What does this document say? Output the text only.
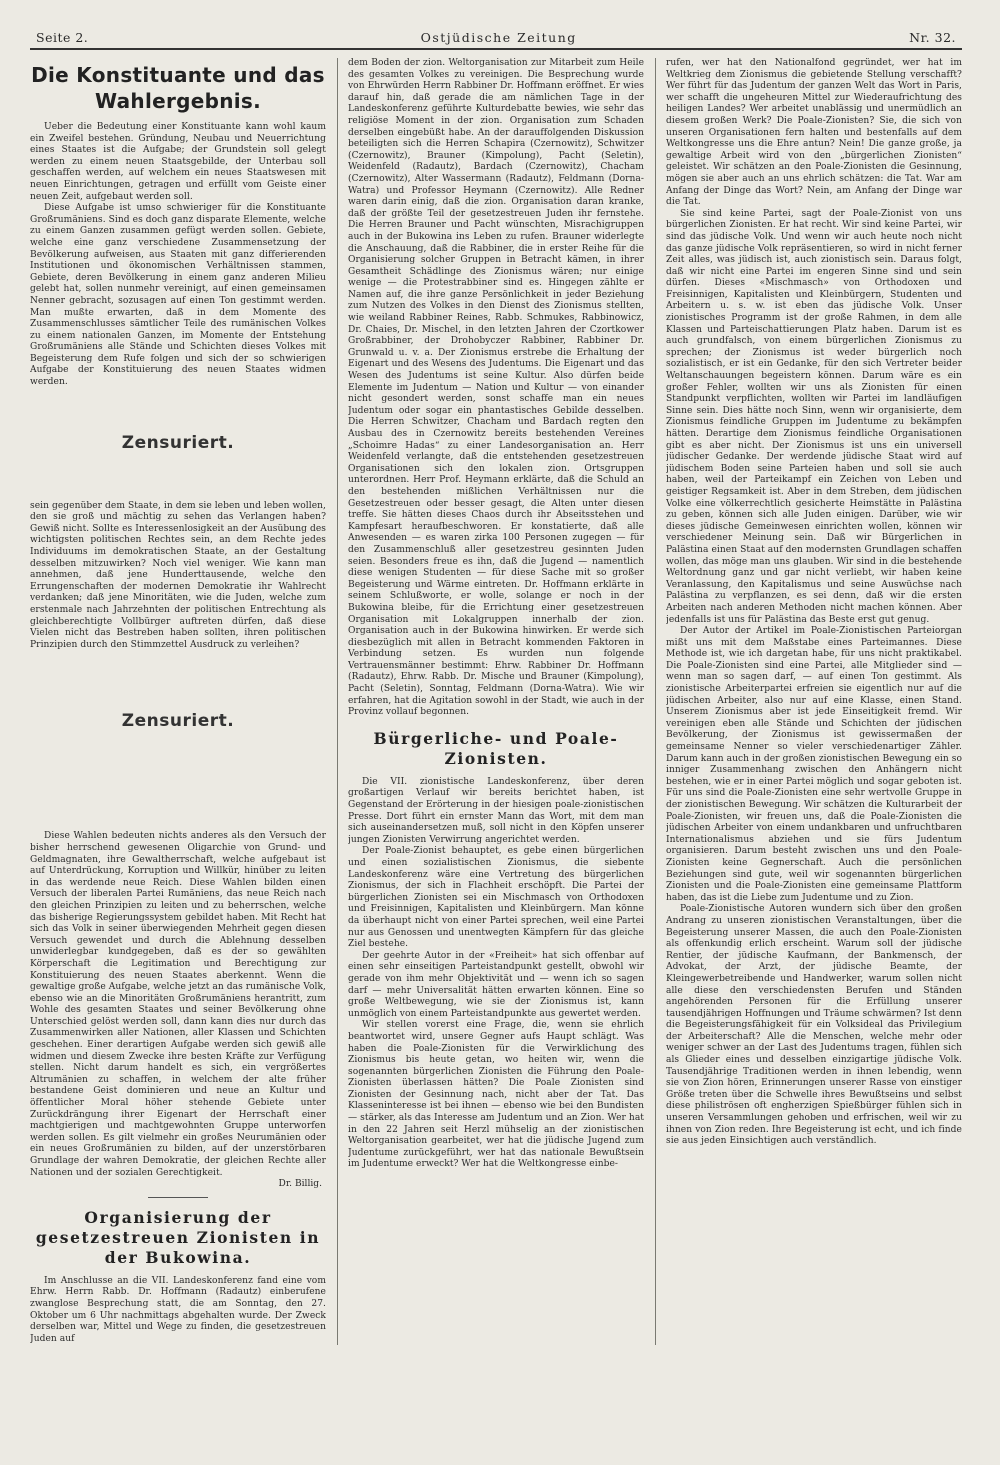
Seite 2.	Ostjüdische Zeitung	Nr. 32.
Die Konstituante und das Wahlergebnis.

Ueber die Bedeutung einer Konstituante kann wohl kaum ein Zweifel bestehen. Gründung, Neubau und Neuerrichtung eines Staates ist die Aufgabe; der Grundstein soll gelegt werden zu einem neuen Staatsgebilde, der Unterbau soll geschaffen werden, auf welchem ein neues Staatswesen mit neuen Einrichtungen, getragen und erfüllt vom Geiste einer neuen Zeit, aufgebaut werden soll.

Diese Aufgabe ist umso schwieriger für die Konstituante Großrumäniens. Sind es doch ganz disparate Elemente, welche zu einem Ganzen zusammen gefügt werden sollen. Gebiete, welche eine ganz verschiedene Zusammensetzung der Bevölkerung aufweisen, aus Staaten mit ganz differierenden Institutionen und ökonomischen Verhältnissen stammen, Gebiete, deren Bevölkerung in einem ganz anderen Milieu gelebt hat, sollen nunmehr vereinigt, auf einen gemeinsamen Nenner gebracht, sozusagen auf einen Ton gestimmt werden. Man mußte erwarten, daß in dem Momente des Zusammenschlusses sämtlicher Teile des rumänischen Volkes zu einem nationalen Ganzen, im Momente der Entstehung Großrumäniens alle Stände und Schichten dieses Volkes mit Begeisterung dem Rufe folgen und sich der so schwierigen Aufgabe der Konstituierung des neuen Staates widmen werden.

Zensuriert.

sein gegenüber dem Staate, in dem sie leben und leben wollen, den sie groß und mächtig zu sehen das Verlangen haben? Gewiß nicht. Sollte es Interessenlosigkeit an der Ausübung des wichtigsten politischen Rechtes sein, an dem Rechte jedes Individuums im demokratischen Staate, an der Gestaltung desselben mitzuwirken? Noch viel weniger. Wie kann man annehmen, daß jene Hunderttausende, welche den Errungenschaften der modernen Demokratie ihr Wahlrecht verdanken; daß jene Minoritäten, wie die Juden, welche zum erstenmale nach Jahrzehnten der politischen Entrechtung als gleichberechtigte Vollbürger auftreten dürfen, daß diese Vielen nicht das Bestreben haben sollten, ihren politischen Prinzipien durch den Stimmzettel Ausdruck zu verleihen?

Zensuriert.

Diese Wahlen bedeuten nichts anderes als den Versuch der bisher herrschend gewesenen Oligarchie von Grund- und Geldmagnaten, ihre Gewaltherrschaft, welche aufgebaut ist auf Unterdrückung, Korruption und Willkür, hinüber zu leiten in das werdende neue Reich. Diese Wahlen bilden einen Versuch der liberalen Partei Rumäniens, das neue Reich nach den gleichen Prinzipien zu leiten und zu beherrschen, welche das bisherige Regierungssystem gebildet haben. Mit Recht hat sich das Volk in seiner überwiegenden Mehrheit gegen diesen Versuch gewendet und durch die Ablehnung desselben unwiderlegbar kundgegeben, daß es der so gewählten Körperschaft die Legitimation und Berechtigung zur Konstituierung des neuen Staates aberkennt. Wenn die gewaltige große Aufgabe, welche jetzt an das rumänische Volk, ebenso wie an die Minoritäten Großrumäniens herantritt, zum Wohle des gesamten Staates und seiner Bevölkerung ohne Unterschied gelöst werden soll, dann kann dies nur durch das Zusammenwirken aller Nationen, aller Klassen und Schichten geschehen. Einer derartigen Aufgabe werden sich gewiß alle widmen und diesem Zwecke ihre besten Kräfte zur Verfügung stellen. Nicht darum handelt es sich, ein vergrößertes Altrumänien zu schaffen, in welchem der alte früher bestandene Geist dominieren und neue an Kultur und öffentlicher Moral höher stehende Gebiete unter Zurückdrängung ihrer Eigenart der Herrschaft einer machtgierigen und machtgewohnten Gruppe unterworfen werden sollen. Es gilt vielmehr ein großes Neurumänien oder ein neues Großrumänien zu bilden, auf der unzerstörbaren Grundlage der wahren Demokratie, der gleichen Rechte aller Nationen und der sozialen Gerechtigkeit.

Dr. Billig.
Organisierung der gesetzestreuen Zionisten in der Bukowina.

Im Anschlusse an die VII. Landeskonferenz fand eine vom Ehrw. Herrn Rabb. Dr. Hoffmann (Radautz) einberufene zwanglose Besprechung statt, die am Sonntag, den 27. Oktober um 6 Uhr nachmittags abgehalten wurde. Der Zweck derselben war, Mittel und Wege zu finden, die gesetzestreuen Juden auf

dem Boden der zion. Weltorganisation zur Mitarbeit zum Heile des gesamten Volkes zu vereinigen. Die Besprechung wurde von Ehrwürden Herrn Rabbiner Dr. Hoffmann eröffnet. Er wies darauf hin, daß gerade die am nämlichen Tage in der Landeskonferenz geführte Kulturdebatte bewies, wie sehr das religiöse Moment in der zion. Organisation zum Schaden derselben eingebüßt habe. An der darauffolgenden Diskussion beteiligten sich die Herren Schapira (Czernowitz), Schwitzer (Czernowitz), Brauner (Kimpolung), Pacht (Seletin), Weidenfeld (Radautz), Bardach (Czernowitz), Chacham (Czernowitz), Alter Wassermann (Radautz), Feldmann (Dorna-Watra) und Professor Heymann (Czernowitz). Alle Redner waren darin einig, daß die zion. Organisation daran kranke, daß der größte Teil der gesetzestreuen Juden ihr fernstehe. Die Herren Brauner und Pacht wünschten, Misrachigruppen auch in der Bukowina ins Leben zu rufen. Brauner widerlegte die Anschauung, daß die Rabbiner, die in erster Reihe für die Organisierung solcher Gruppen in Betracht kämen, in ihrer Gesamtheit Schädlinge des Zionismus wären; nur einige wenige — die Protestrabbiner sind es. Hingegen zählte er Namen auf, die ihre ganze Persönlichkeit in jeder Beziehung zum Nutzen des Volkes in den Dienst des Zionismus stellten, wie weiland Rabbiner Reines, Rabb. Schmukes, Rabbinowicz, Dr. Chaies, Dr. Mischel, in den letzten Jahren der Czortkower Großrabbiner, der Drohobyczer Rabbiner, Rabbiner Dr. Grunwald u. v. a. Der Zionismus erstrebe die Erhaltung der Eigenart und des Wesens des Judentums. Die Eigenart und das Wesen des Judentums ist seine Kultur. Also dürfen beide Elemente im Judentum — Nation und Kultur — von einander nicht gesondert werden, sonst schaffe man ein neues Judentum oder sogar ein phantastisches Gebilde desselben. Die Herren Schwitzer, Chacham und Bardach regten den Ausbau des in Czernowitz bereits bestehenden Vereines „Schoimre Hadas“ zu einer Landesorganisation an. Herr Weidenfeld verlangte, daß die entstehenden gesetzestreuen Organisationen sich den lokalen zion. Ortsgruppen unterordnen. Herr Prof. Heymann erklärte, daß die Schuld an den bestehenden mißlichen Verhältnissen nur die Gesetzestreuen oder besser gesagt, die Alten unter diesen treffe. Sie hätten dieses Chaos durch ihr Abseitsstehen und Kampfesart heraufbeschworen. Er konstatierte, daß alle Anwesenden — es waren zirka 100 Personen zugegen — für den Zusammenschluß aller gesetzestreu gesinnten Juden seien. Besonders freue es ihn, daß die Jugend — namentlich diese wenigen Studenten — für diese Sache mit so großer Begeisterung und Wärme eintreten. Dr. Hoffmann erklärte in seinem Schlußworte, er wolle, solange er noch in der Bukowina bleibe, für die Errichtung einer gesetzestreuen Organisation mit Lokalgruppen innerhalb der zion. Organisation auch in der Bukowina hinwirken. Er werde sich diesbezüglich mit allen in Betracht kommenden Faktoren in Verbindung setzen. Es wurden nun folgende Vertrauensmänner bestimmt: Ehrw. Rabbiner Dr. Hoffmann (Radautz), Ehrw. Rabb. Dr. Mische und Brauner (Kimpolung), Pacht (Seletin), Sonntag, Feldmann (Dorna-Watra). Wie wir erfahren, hat die Agitation sowohl in der Stadt, wie auch in der Provinz vollauf begonnen.

Bürgerliche- und Poale-Zionisten.

Die VII. zionistische Landeskonferenz, über deren großartigen Verlauf wir bereits berichtet haben, ist Gegenstand der Erörterung in der hiesigen poale-zionistischen Presse. Dort führt ein ernster Mann das Wort, mit dem man sich auseinandersetzen muß, soll nicht in den Köpfen unserer jungen Zionisten Verwirrung angerichtet werden.

Der Poale-Zionist behauptet, es gebe einen bürgerlichen und einen sozialistischen Zionismus, die siebente Landeskonferenz wäre eine Vertretung des bürgerlichen Zionismus, der sich in Flachheit erschöpft. Die Partei der bürgerlichen Zionisten sei ein Mischmasch von Orthodoxen und Freisinnigen, Kapitalisten und Kleinbürgern. Man könne da überhaupt nicht von einer Partei sprechen, weil eine Partei nur aus Genossen und unentwegten Kämpfern für das gleiche Ziel bestehe.

Der geehrte Autor in der «Freiheit» hat sich offenbar auf einen sehr einseitigen Parteistandpunkt gestellt, obwohl wir gerade von ihm mehr Objektivität und — wenn ich so sagen darf — mehr Universalität hätten erwarten können. Eine so große Weltbewegung, wie sie der Zionismus ist, kann unmöglich von einem Parteistandpunkte aus gewertet werden.

Wir stellen vorerst eine Frage, die, wenn sie ehrlich beantwortet wird, unsere Gegner aufs Haupt schlägt. Was haben die Poale-Zionisten für die Verwirklichung des Zionismus bis heute getan, wo heiten wir, wenn die sogenannten bürgerlichen Zionisten die Führung den Poale-Zionisten überlassen hätten? Die Poale Zionisten sind Zionisten der Gesinnung nach, nicht aber der Tat. Das Klasseninteresse ist bei ihnen — ebenso wie bei den Bundisten — stärker, als das Interesse am Judentum und an Zion. Wer hat in den 22 Jahren seit Herzl mühselig an der zionistischen Weltorganisation gearbeitet, wer hat die jüdische Jugend zum Judentume zurückgeführt, wer hat das nationale Bewußtsein im Judentume erweckt? Wer hat die Weltkongresse einbe-

rufen, wer hat den Nationalfond gegründet, wer hat im Weltkrieg dem Zionismus die gebietende Stellung verschafft? Wer führt für das Judentum der ganzen Welt das Wort in Paris, wer schafft die ungeheuren Mittel zur Wiederaufrichtung des heiligen Landes? Wer arbeitet unablässig und unermüdlich an diesem großen Werk? Die Poale-Zionisten? Sie, die sich von unseren Organisationen fern halten und bestenfalls auf dem Weltkongresse uns die Ehre antun? Nein! Die ganze große, ja gewaltige Arbeit wird von den „bürgerlichen Zionisten“ geleistet. Wir schätzen an den Poale-Zionisten die Gesinnung, mögen sie aber auch an uns ehrlich schätzen: die Tat. War am Anfang der Dinge das Wort? Nein, am Anfang der Dinge war die Tat.

Sie sind keine Partei, sagt der Poale-Zionist von uns bürgerlichen Zionisten. Er hat recht. Wir sind keine Partei, wir sind das jüdische Volk. Und wenn wir auch heute noch nicht das ganze jüdische Volk repräsentieren, so wird in nicht ferner Zeit alles, was jüdisch ist, auch zionistisch sein. Daraus folgt, daß wir nicht eine Partei im engeren Sinne sind und sein dürfen. Dieses «Mischmasch» von Orthodoxen und Freisinnigen, Kapitalisten und Kleinbürgern, Studenten und Arbeitern u. s. w. ist eben das jüdische Volk. Unser zionistisches Programm ist der große Rahmen, in dem alle Klassen und Parteischattierungen Platz haben. Darum ist es auch grundfalsch, von einem bürgerlichen Zionismus zu sprechen; der Zionismus ist weder bürgerlich noch sozialistisch, er ist ein Gedanke, für den sich Vertreter beider Weltanschauungen begeistern können. Darum wäre es ein großer Fehler, wollten wir uns als Zionisten für einen Standpunkt verpflichten, wollten wir Partei im landläufigen Sinne sein. Dies hätte noch Sinn, wenn wir organisierte, dem Zionismus feindliche Gruppen im Judentume zu bekämpfen hätten. Derartige dem Zionismus feindliche Organisationen gibt es aber nicht. Der Zionismus ist uns ein universell jüdischer Gedanke. Der werdende jüdische Staat wird auf jüdischem Boden seine Parteien haben und soll sie auch haben, weil der Parteikampf ein Zeichen von Leben und geistiger Regsamkeit ist. Aber in dem Streben, dem jüdischen Volke eine völkerrechtlich gesicherte Heimstätte in Palästina zu geben, können sich alle Juden einigen. Darüber, wie wir dieses jüdische Gemeinwesen einrichten wollen, können wir verschiedener Meinung sein. Daß wir Bürgerlichen in Palästina einen Staat auf den modernsten Grundlagen schaffen wollen, das möge man uns glauben. Wir sind in die bestehende Weltordnung ganz und gar nicht verliebt, wir haben keine Veranlassung, den Kapitalismus und seine Auswüchse nach Palästina zu verpflanzen, es sei denn, daß wir die ersten Arbeiten nach anderen Methoden nicht machen können. Aber jedenfalls ist uns für Palästina das Beste erst gut genug.

Der Autor der Artikel im Poale-Zionistischen Parteiorgan mißt uns mit dem Maßstabe eines Parteimannes. Diese Methode ist, wie ich dargetan habe, für uns nicht praktikabel. Die Poale-Zionisten sind eine Partei, alle Mitglieder sind — wenn man so sagen darf, — auf einen Ton gestimmt. Als zionistische Arbeiterpartei erfreien sie eigentlich nur auf die jüdischen Arbeiter, also nur auf eine Klasse, einen Stand. Unserem Zionismus aber ist jede Einseitigkeit fremd. Wir vereinigen eben alle Stände und Schichten der jüdischen Bevölkerung, der Zionismus ist gewissermaßen der gemeinsame Nenner so vieler verschiedenartiger Zähler. Darum kann auch in der großen zionistischen Bewegung ein so inniger Zusammenhang zwischen den Anhängern nicht bestehen, wie er in einer Partei möglich und sogar geboten ist. Für uns sind die Poale-Zionisten eine sehr wertvolle Gruppe in der zionistischen Bewegung. Wir schätzen die Kulturarbeit der Poale-Zionisten, wir freuen uns, daß die Poale-Zionisten die jüdischen Arbeiter von einem undankbaren und unfruchtbaren Internationalismus abziehen und sie fürs Judentum organisieren. Darum besteht zwischen uns und den Poale-Zionisten keine Gegnerschaft. Auch die persönlichen Beziehungen sind gute, weil wir sogenannten bürgerlichen Zionisten und die Poale-Zionisten eine gemeinsame Plattform haben, das ist die Liebe zum Judentume und zu Zion.

Poale-Zionistische Autoren wundern sich über den großen Andrang zu unseren zionistischen Veranstaltungen, über die Begeisterung unserer Massen, die auch den Poale-Zionisten als offenkundig erlich erscheint. Warum soll der jüdische Rentier, der jüdische Kaufmann, der Bankmensch, der Advokat, der Arzt, der jüdische Beamte, der Kleingewerbetreibende und Handwerker, warum sollen nicht alle diese den verschiedensten Berufen und Ständen angehörenden Personen für die Erfüllung unserer tausendjährigen Hoffnungen und Träume schwärmen? Ist denn die Begeisterungsfähigkeit für ein Volksideal das Privilegium der Arbeiterschaft? Alle die Menschen, welche mehr oder weniger schwer an der Last des Judentums tragen, fühlen sich als Glieder eines und desselben einzigartige jüdische Volk. Tausendjährige Traditionen werden in ihnen lebendig, wenn sie von Zion hören, Erinnerungen unserer Rasse von einstiger Größe treten über die Schwelle ihres Bewußtseins und selbst diese philiströsen oft engherzigen Spießbürger fühlen sich in unseren Versammlungen gehoben und erfrischen, weil wir zu ihnen von Zion reden. Ihre Begeisterung ist echt, und ich finde sie aus jeden Einsichtigen auch verständlich.
